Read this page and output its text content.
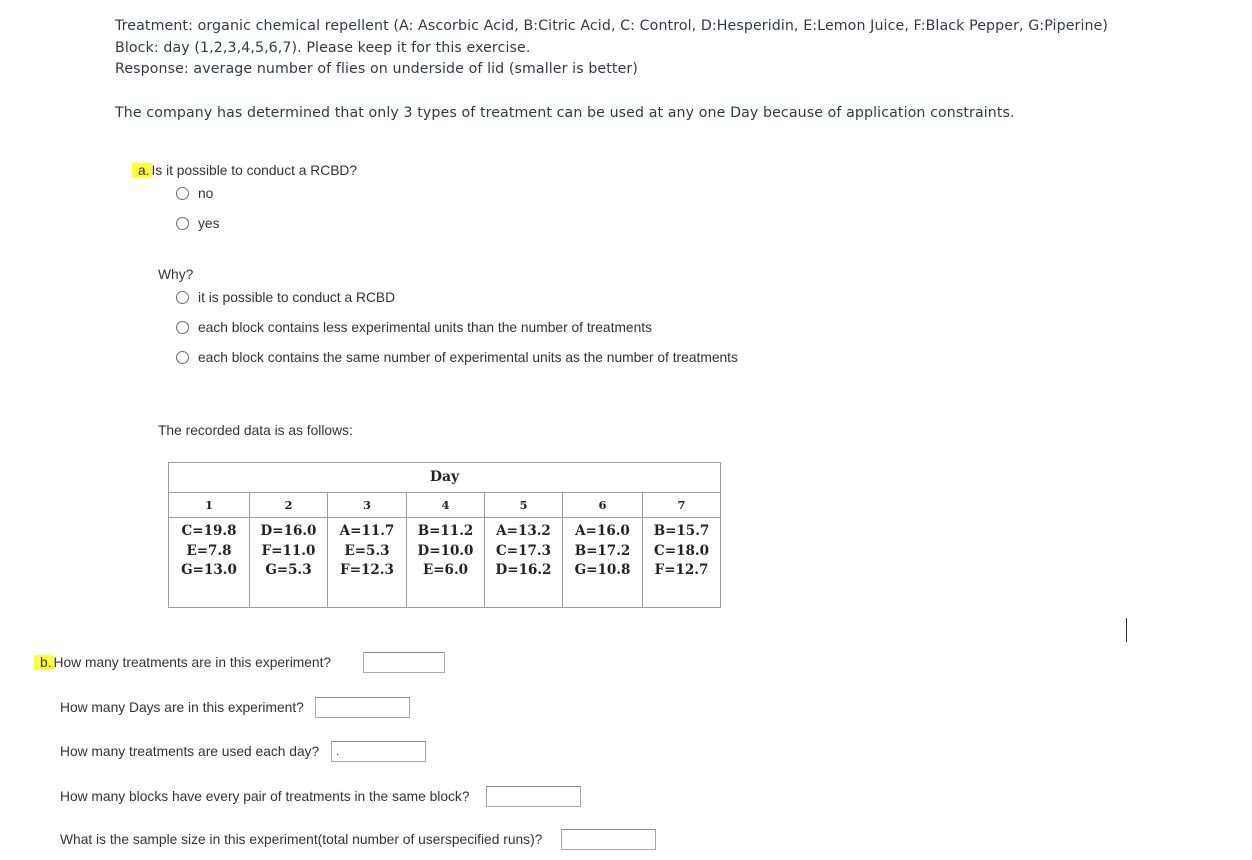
Treatment: organic chemical repellent (A: Ascorbic Acid, B:Citric Acid, C: Control, D:Hesperidin, E:Lemon Juice, F:Black Pepper, G:Piperine)
Block: day (1,2,3,4,5,6,7). Please keep it for this exercise.
Response: average number of flies on underside of lid (smaller is better)
The company has determined that only 3 types of treatment can be used at any one Day because of application constraints.
a. Is it possible to conduct a RCBD?
no
yes
Why?
it is possible to conduct a RCBD
each block contains less experimental units than the number of treatments
each block contains the same number of experimental units as the number of treatments
The recorded data is as follows:
Day
1
C=19.8
E=7.8
G=13.0
2
D=16.0
F=11.0
G=5.3
3
A=11.7
E=5.3
F=12.3
4
B=11.2
D=10.0
E=6.0
5
A=13.2
C=17.3
D=16.2
6
A=16.0
B=17.2
G=10.8
7
B=15.7
C=18.0
F=12.7
b. How many treatments are in this experiment?
How many Days are in this experiment?
How many treatments are used each day?	.
How many blocks have every pair of treatments in the same block?
What is the sample size in this experiment(total number of userspecified runs)?
